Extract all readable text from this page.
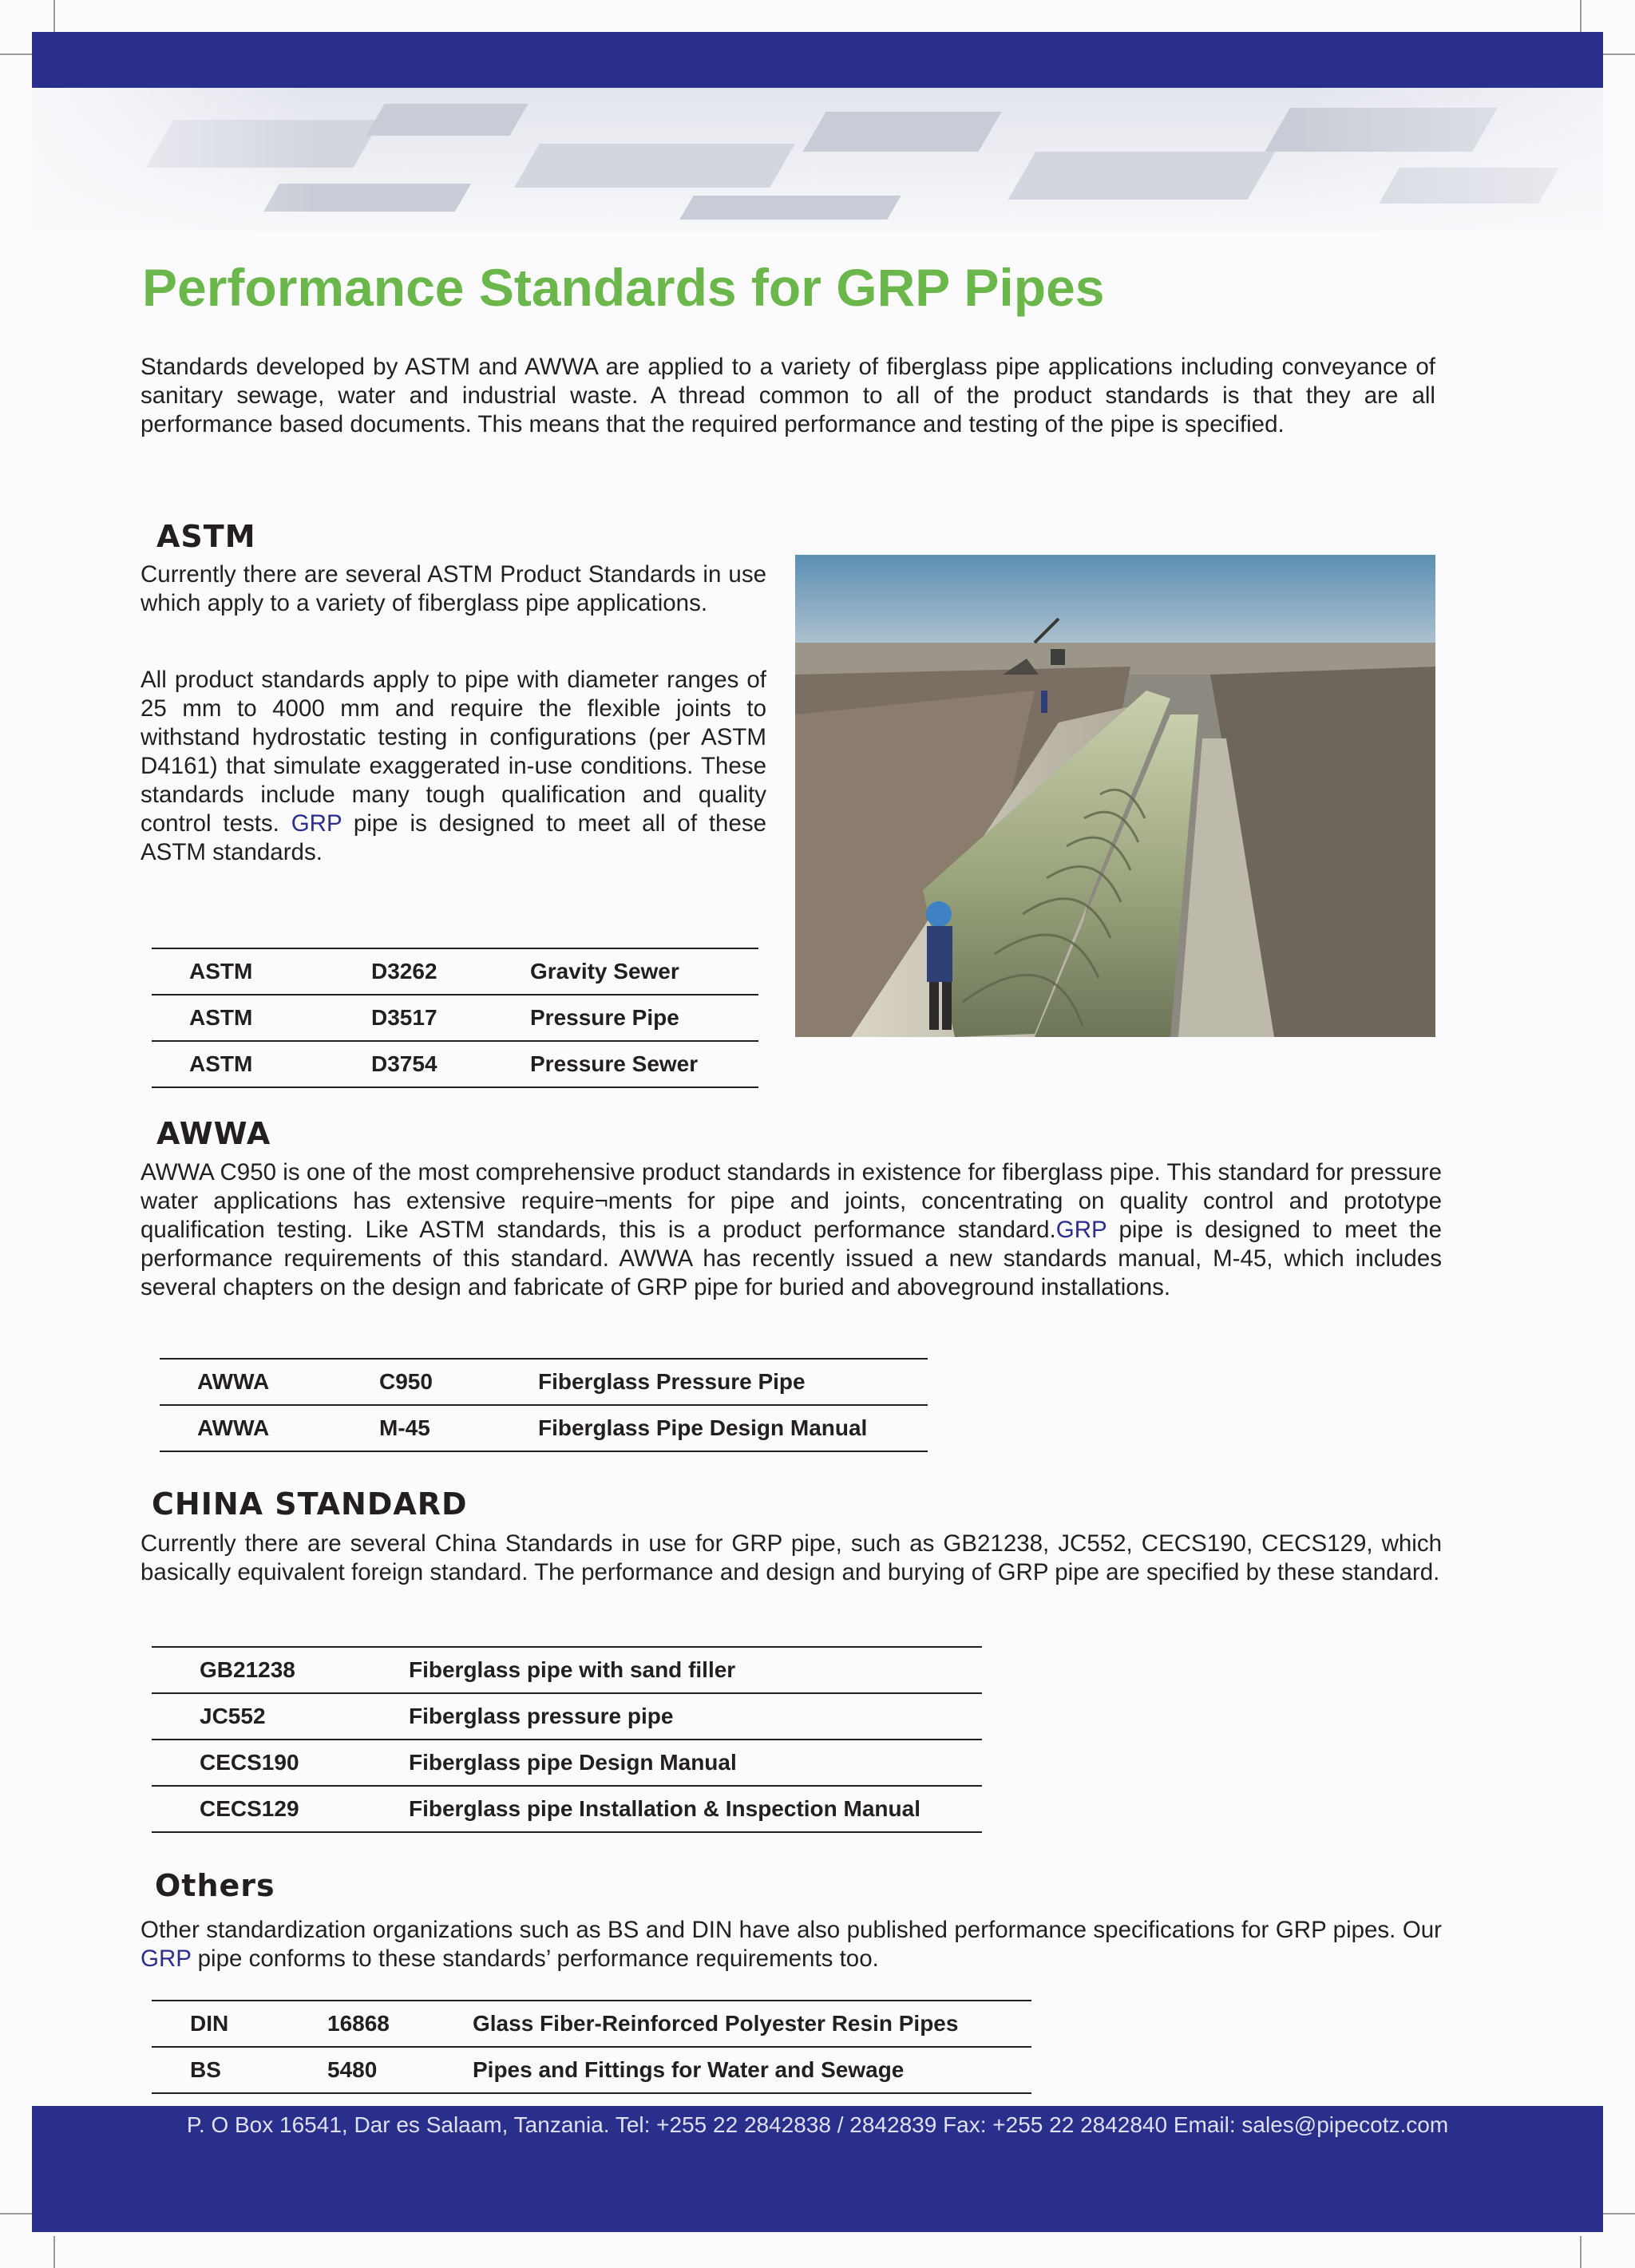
Performance Standards for GRP Pipes

Standards developed by ASTM and AWWA are applied to a variety of fiberglass pipe applications including conveyance of sanitary sewage, water and industrial waste. A thread common to all of the product standards is that they are all performance based documents. This means that the required performance and testing of the pipe is specified.

ASTM

Currently there are several ASTM Product Standards in use which apply to a variety of fiberglass pipe applications.

All product standards apply to pipe with diameter ranges of 25 mm to 4000 mm and require the flexible joints to withstand hydrostatic testing in configurations (per ASTM D4161) that simulate exaggerated in-use conditions. These standards include many tough qualification and quality control tests. GRP pipe is designed to meet all of these ASTM standards.

ASTM	D3262	Gravity Sewer
ASTM	D3517	Pressure Pipe
ASTM	D3754	Pressure Sewer
AWWA

AWWA C950 is one of the most comprehensive product standards in existence for fiberglass pipe. This standard for pressure water applications has extensive require¬ments for pipe and joints, concentrating on quality control and prototype qualification testing. Like ASTM standards, this is a product performance standard.GRP pipe is designed to meet the performance requirements of this standard. AWWA has recently issued a new standards manual, M-45, which includes several chapters on the design and fabricate of GRP pipe for buried and aboveground installations.

AWWA	C950	Fiberglass Pressure Pipe
AWWA	M-45	Fiberglass Pipe Design Manual
CHINA STANDARD

Currently there are several China Standards in use for GRP pipe, such as GB21238, JC552, CECS190, CECS129, which basically equivalent foreign standard. The performance and design and burying of GRP pipe are specified by these standard.

GB21238	Fiberglass pipe with sand filler
JC552	Fiberglass pressure pipe
CECS190	Fiberglass pipe Design Manual
CECS129	Fiberglass pipe Installation & Inspection Manual
Others

Other standardization organizations such as BS and DIN have also published performance specifications for GRP pipes. Our GRP pipe conforms to these standards’ performance requirements too.

DIN	16868	Glass Fiber-Reinforced Polyester Resin Pipes
BS	5480	Pipes and Fittings for Water and Sewage

P. O Box 16541, Dar es Salaam, Tanzania. Tel: +255 22 2842838 / 2842839 Fax: +255 22 2842840 Email: sales@pipecotz.com
